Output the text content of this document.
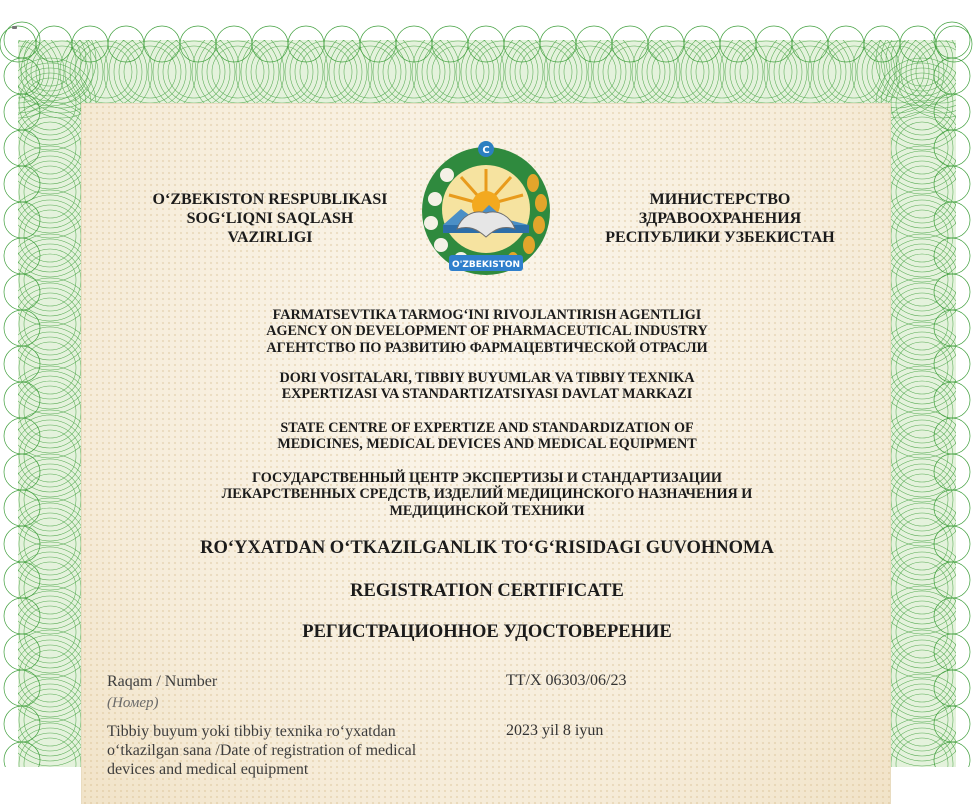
O‘ZBEKISTON RESPUBLIKASI
SOG‘LIQNI SAQLASH
VAZIRLIGI
МИНИСТЕРСТВО
ЗДРАВООХРАНЕНИЯ
РЕСПУБЛИКИ УЗБЕКИСТАН
C
O'ZBEKISTON
FARMATSEVTIKA TARMOG‘INI RIVOJLANTIRISH AGENTLIGI
AGENCY ON DEVELOPMENT OF PHARMACEUTICAL INDUSTRY
АГЕНТСТВО ПО РАЗВИТИЮ ФАРМАЦЕВТИЧЕСКОЙ ОТРАСЛИ
DORI VOSITALARI, TIBBIY BUYUMLAR VA TIBBIY TEXNIKA
EXPERTIZASI VA STANDARTIZATSIYASI DAVLAT MARKAZI
STATE CENTRE OF EXPERTIZE AND STANDARDIZATION OF
MEDICINES, MEDICAL DEVICES AND MEDICAL EQUIPMENT
ГОСУДАРСТВЕННЫЙ ЦЕНТР ЭКСПЕРТИЗЫ И СТАНДАРТИЗАЦИИ
ЛЕКАРСТВЕННЫХ СРЕДСТВ, ИЗДЕЛИЙ МЕДИЦИНСКОГО НАЗНАЧЕНИЯ И
МЕДИЦИНСКОЙ ТЕХНИКИ
RO‘YXATDAN O‘TKAZILGANLIK TO‘G‘RISIDAGI GUVOHNOMA
REGISTRATION CERTIFICATE
РЕГИСТРАЦИОННОЕ УДОСТОВЕРЕНИЕ
Raqam / Number
(Номер)
TT/X 06303/06/23
Tibbiy buyum yoki tibbiy texnika ro‘yxatdan
o‘tkazilgan sana /Date of registration of medical
devices and medical equipment
2023 yil 8 iyun
